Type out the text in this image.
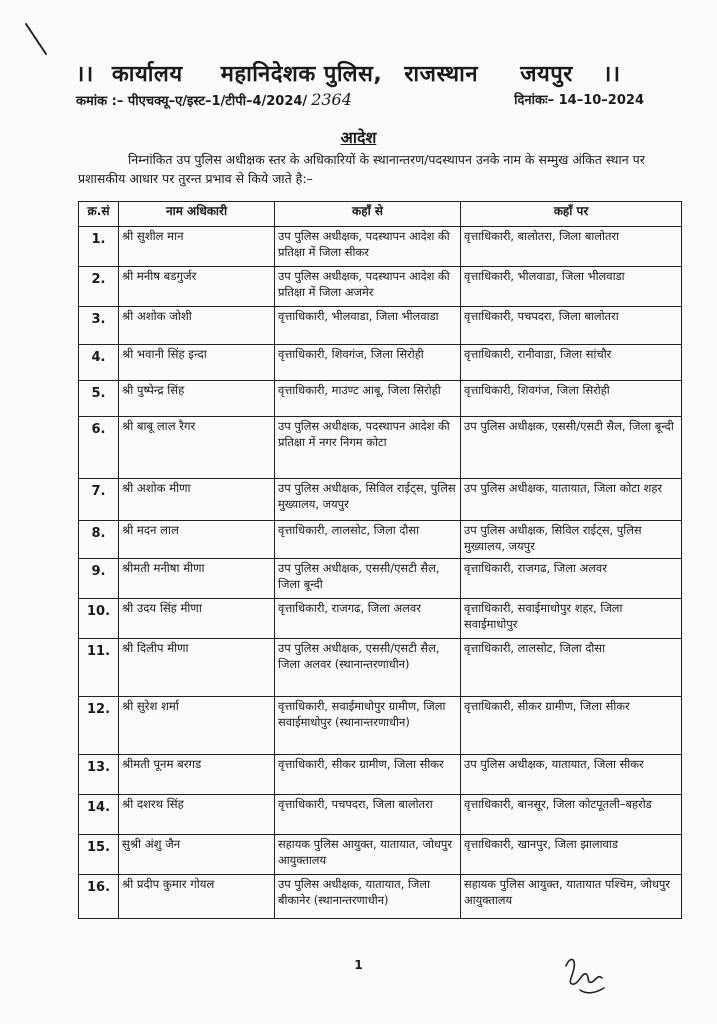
।। कार्यालय महानिदेशक पुलिस, राजस्थान जयपुर ।।
कमांक :– पीएचक्यू–ए/इस्ट–1/टीपी–4/2024/ 2364	दिनांकः– 14–10–2024
आदेश
निम्नांकित उप पुलिस अधीक्षक स्तर के अधिकारियों के स्थानान्तरण/पदस्थापन उनके नाम के सम्मुख अंकित स्थान पर प्रशासकीय आधार पर तुरन्त प्रभाव से किये जाते है:–
क्र.सं	नाम अधिकारी	कहाँ से	कहाँ पर
1.	श्री सुशील मान	उप पुलिस अधीक्षक, पदस्थापन आदेश की प्रतिक्षा में जिला सीकर	वृत्ताधिकारी, बालोतरा, जिला बालोतरा
2.	श्री मनीष बडगुर्जर	उप पुलिस अधीक्षक, पदस्थापन आदेश की प्रतिक्षा में जिला अजमेर	वृत्ताधिकारी, भीलवाडा, जिला भीलवाडा
3.	श्री अशोक जोशी	वृत्ताधिकारी, भीलवाडा, जिला भीलवाडा	वृत्ताधिकारी, पचपदरा, जिला बालोतरा
4.	श्री भवानी सिंह इन्दा	वृत्ताधिकारी, शिवगंज, जिला सिरोही	वृत्ताधिकारी, रानीवाडा, जिला सांचौर
5.	श्री पुष्पेन्द्र सिंह	वृत्ताधिकारी, माउण्ट आबू, जिला सिरोही	वृत्ताधिकारी, शिवगंज, जिला सिरोही
6.	श्री बाबू लाल रैगर	उप पुलिस अधीक्षक, पदस्थापन आदेश की प्रतिक्षा में नगर निगम कोटा	उप पुलिस अधीक्षक, एससी/एसटी सैल, जिला बून्दी
7.	श्री अशोक मीणा	उप पुलिस अधीक्षक, सिविल राईट्स, पुलिस मुख्यालय, जयपुर	उप पुलिस अधीक्षक, यातायात, जिला कोटा शहर
8.	श्री मदन लाल	वृत्ताधिकारी, लालसोट, जिला दौसा	उप पुलिस अधीक्षक, सिविल राईट्स, पुलिस मुख्यालय, जयपुर
9.	श्रीमती मनीषा मीणा	उप पुलिस अधीक्षक, एससी/एसटी सैल, जिला बून्दी	वृत्ताधिकारी, राजगढ, जिला अलवर
10.	श्री उदय सिंह मीणा	वृत्ताधिकारी, राजगढ, जिला अलवर	वृत्ताधिकारी, सवाईमाधोपुर शहर, जिला सवाईमाधोपुर
11.	श्री दिलीप मीणा	उप पुलिस अधीक्षक, एससी/एसटी सैल, जिला अलवर (स्थानान्तरणाधीन)	वृत्ताधिकारी, लालसोट, जिला दौसा
12.	श्री सुरेश शर्मा	वृत्ताधिकारी, सवाईमाधोपुर ग्रामीण, जिला सवाईमाधोपुर (स्थानान्तरणाधीन)	वृत्ताधिकारी, सीकर ग्रामीण, जिला सीकर
13.	श्रीमती पूनम बरगड	वृत्ताधिकारी, सीकर ग्रामीण, जिला सीकर	उप पुलिस अधीक्षक, यातायात, जिला सीकर
14.	श्री दशरथ सिंह	वृत्ताधिकारी, पचपदरा, जिला बालोतरा	वृत्ताधिकारी, बानसूर, जिला कोटपूतली–बहरोड
15.	सुश्री अंशु जैन	सहायक पुलिस आयुक्त, यातायात, जोधपुर आयुक्तालय	वृत्ताधिकारी, खानपुर, जिला झालावाड
16.	श्री प्रदीप कुमार गोयल	उप पुलिस अधीक्षक, यातायात, जिला बीकानेर (स्थानान्तरणाधीन)	सहायक पुलिस आयुक्त, यातायात पश्चिम, जोधपुर आयुक्तालय
1
